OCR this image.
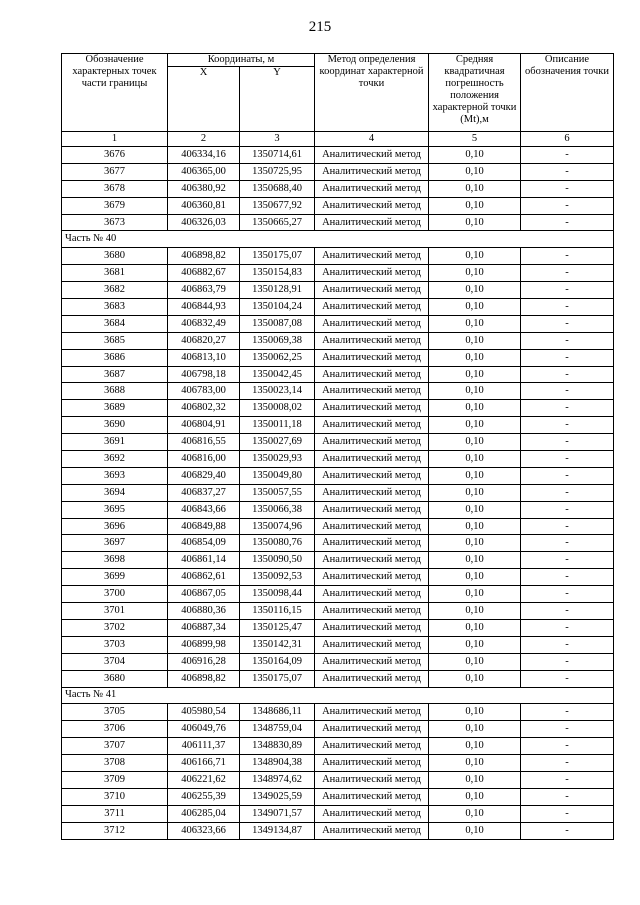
215
Обозначение характерных точек части границы	Координаты, м		Метод определения координат характерной точки	Средняя квадратичная погрешность положения характерной точки (Mt),м	Описание обозначения точки
	X	Y			
1	2	3	4	5	6
3676	406334,16	1350714,61	Аналитический метод	0,10	-
3677	406365,00	1350725,95	Аналитический метод	0,10	-
3678	406380,92	1350688,40	Аналитический метод	0,10	-
3679	406360,81	1350677,92	Аналитический метод	0,10	-
3673	406326,03	1350665,27	Аналитический метод	0,10	-
Часть № 40					
3680	406898,82	1350175,07	Аналитический метод	0,10	-
3681	406882,67	1350154,83	Аналитический метод	0,10	-
3682	406863,79	1350128,91	Аналитический метод	0,10	-
3683	406844,93	1350104,24	Аналитический метод	0,10	-
3684	406832,49	1350087,08	Аналитический метод	0,10	-
3685	406820,27	1350069,38	Аналитический метод	0,10	-
3686	406813,10	1350062,25	Аналитический метод	0,10	-
3687	406798,18	1350042,45	Аналитический метод	0,10	-
3688	406783,00	1350023,14	Аналитический метод	0,10	-
3689	406802,32	1350008,02	Аналитический метод	0,10	-
3690	406804,91	1350011,18	Аналитический метод	0,10	-
3691	406816,55	1350027,69	Аналитический метод	0,10	-
3692	406816,00	1350029,93	Аналитический метод	0,10	-
3693	406829,40	1350049,80	Аналитический метод	0,10	-
3694	406837,27	1350057,55	Аналитический метод	0,10	-
3695	406843,66	1350066,38	Аналитический метод	0,10	-
3696	406849,88	1350074,96	Аналитический метод	0,10	-
3697	406854,09	1350080,76	Аналитический метод	0,10	-
3698	406861,14	1350090,50	Аналитический метод	0,10	-
3699	406862,61	1350092,53	Аналитический метод	0,10	-
3700	406867,05	1350098,44	Аналитический метод	0,10	-
3701	406880,36	1350116,15	Аналитический метод	0,10	-
3702	406887,34	1350125,47	Аналитический метод	0,10	-
3703	406899,98	1350142,31	Аналитический метод	0,10	-
3704	406916,28	1350164,09	Аналитический метод	0,10	-
3680	406898,82	1350175,07	Аналитический метод	0,10	-
Часть № 41					
3705	405980,54	1348686,11	Аналитический метод	0,10	-
3706	406049,76	1348759,04	Аналитический метод	0,10	-
3707	406111,37	1348830,89	Аналитический метод	0,10	-
3708	406166,71	1348904,38	Аналитический метод	0,10	-
3709	406221,62	1348974,62	Аналитический метод	0,10	-
3710	406255,39	1349025,59	Аналитический метод	0,10	-
3711	406285,04	1349071,57	Аналитический метод	0,10	-
3712	406323,66	1349134,87	Аналитический метод	0,10	-
